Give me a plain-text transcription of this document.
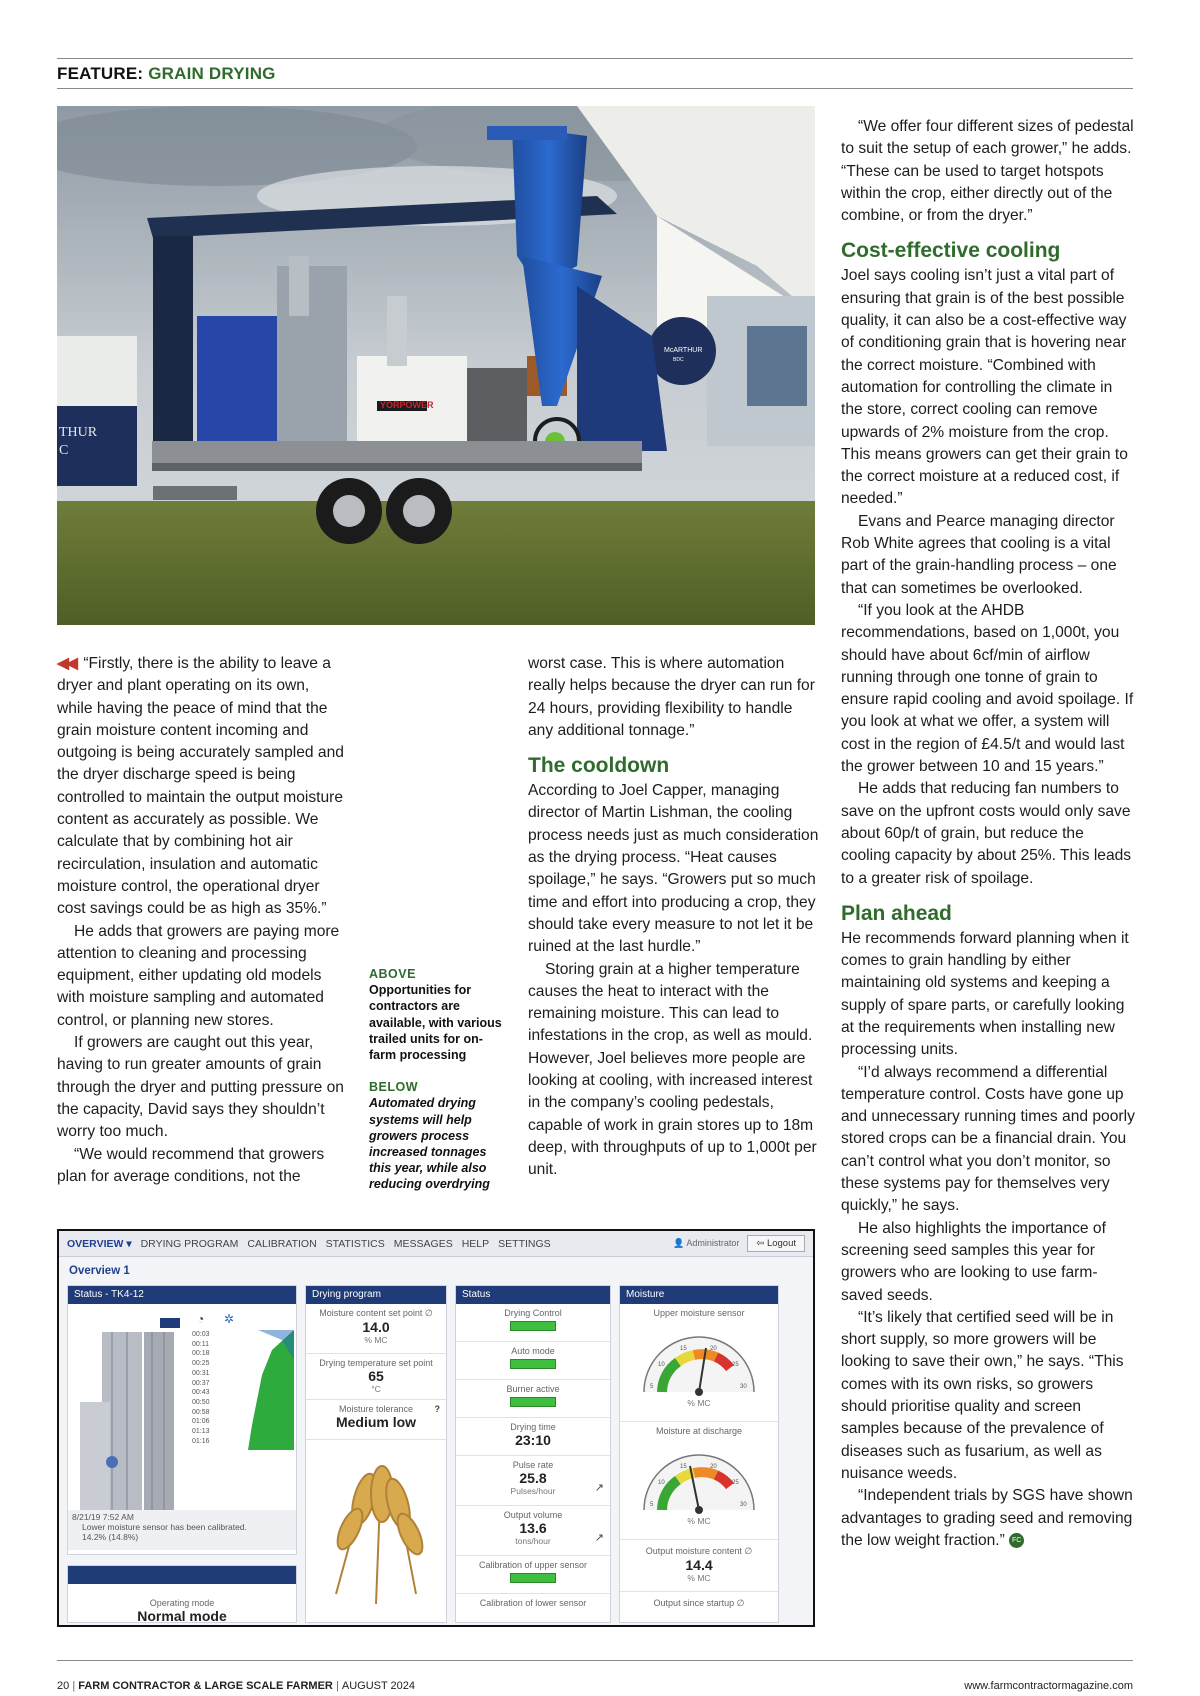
FEATURE: GRAIN DRYING
YORPOWER
THUR
C
McARTHUR
BDC

◀◀ “Firstly, there is the ability to leave a dryer and plant operating on its own, while having the peace of mind that the grain moisture content incoming and outgoing is being accurately sampled and the dryer discharge speed is being controlled to maintain the output moisture content as accurately as possible. We calculate that by combining hot air recirculation, insulation and automatic moisture control, the operational dryer cost savings could be as high as 35%.”

He adds that growers are paying more attention to cleaning and processing equipment, either updating old models with moisture sampling and automated control, or planning new stores.

If growers are caught out this year, having to run greater amounts of grain through the dryer and putting pressure on the capacity, David says they shouldn’t worry too much.

“We would recommend that growers plan for average conditions, not the

ABOVE
Opportunities for contractors are available, with various trailed units for on-farm processing
BELOW
Automated drying systems will help growers process increased tonnages this year, while also reducing overdrying

worst case. This is where automation really helps because the dryer can run for 24 hours, providing flexibility to handle any additional tonnage.”

The cooldown

According to Joel Capper, managing director of Martin Lishman, the cooling process needs just as much consideration as the drying process. “Heat causes spoilage,” he says. “Growers put so much time and effort into producing a crop, they should take every measure to not let it be ruined at the last hurdle.”

Storing grain at a higher temperature causes the heat to interact with the remaining moisture. This can lead to infestations in the crop, as well as mould. However, Joel believes more people are looking at cooling, with increased interest in the company’s cooling pedestals, capable of work in grain stores up to 18m deep, with throughputs of up to 1,000t per unit.

“We offer four different sizes of pedestal to suit the setup of each grower,” he adds. “These can be used to target hotspots within the crop, either directly out of the combine, or from the dryer.”

Cost-effective cooling

Joel says cooling isn’t just a vital part of ensuring that grain is of the best possible quality, it can also be a cost-effective way of conditioning grain that is hovering near the correct moisture. “Combined with automation for controlling the climate in the store, correct cooling can remove upwards of 2% moisture from the crop. This means growers can get their grain to the correct moisture at a reduced cost, if needed.”

Evans and Pearce managing director Rob White agrees that cooling is a vital part of the grain-handling process – one that can sometimes be overlooked.

“If you look at the AHDB recommendations, based on 1,000t, you should have about 6cf/min of airflow running through one tonne of grain to ensure rapid cooling and avoid spoilage. If you look at what we offer, a system will cost in the region of £4.5/t and would last the grower between 10 and 15 years.”

He adds that reducing fan numbers to save on the upfront costs would only save about 60p/t of grain, but reduce the cooling capacity by about 25%. This leads to a greater risk of spoilage.

Plan ahead

He recommends forward planning when it comes to grain handling by either maintaining old systems and keeping a supply of spare parts, or carefully looking at the requirements when installing new processing units.

“I’d always recommend a differential temperature control. Costs have gone up and unnecessary running times and poorly stored crops can be a financial drain. You can’t control what you don’t monitor, so these systems pay for themselves very quickly,” he says.

He also highlights the importance of screening seed samples this year for growers who are looking to use farm-saved seeds.

“It’s likely that certified seed will be in short supply, so more growers will be looking to save their own,” he says. “This comes with its own risks, so growers should prioritise quality and screen samples because of the prevalence of diseases such as fusarium, as well as nuisance weeds.

“Independent trials by SGS have shown advantages to grading seed and removing the low weight fraction.” FC

OVERVIEW ▾ DRYING PROGRAM CALIBRATION STATISTICS MESSAGES HELP SETTINGS	👤 Administrator	⇦ Logout
Overview 1
Status - TK4-12
◔ ✲
00:03
00:11
00:18
00:25
00:31
00:37
00:43
00:50
00:58
01:06
01:13
01:16
8/21/19 7:52 AM
Lower moisture sensor has been calibrated.
14.2% (14.8%)
Operating mode
Normal mode
Drying program
Moisture content set point ∅
14.0
% MC
Drying temperature set point
65
°C
Moisture tolerance ?
Medium low
Status
Drying Control
Auto mode
Burner active
Drying time
23:10
Pulse rate
25.8
Pulses/hour	↗
Output volume
13.6
tons/hour	↗
Calibration of upper sensor
Calibration of lower sensor
Moisture
Upper moisture sensor
5
10
15	20
25
30
% MC
Moisture at discharge
5
10
15	20
25
30
% MC
Output moisture content ∅
14.4
% MC
Output since startup ∅
20 | FARM CONTRACTOR & LARGE SCALE FARMER | AUGUST 2024	www.farmcontractormagazine.com
